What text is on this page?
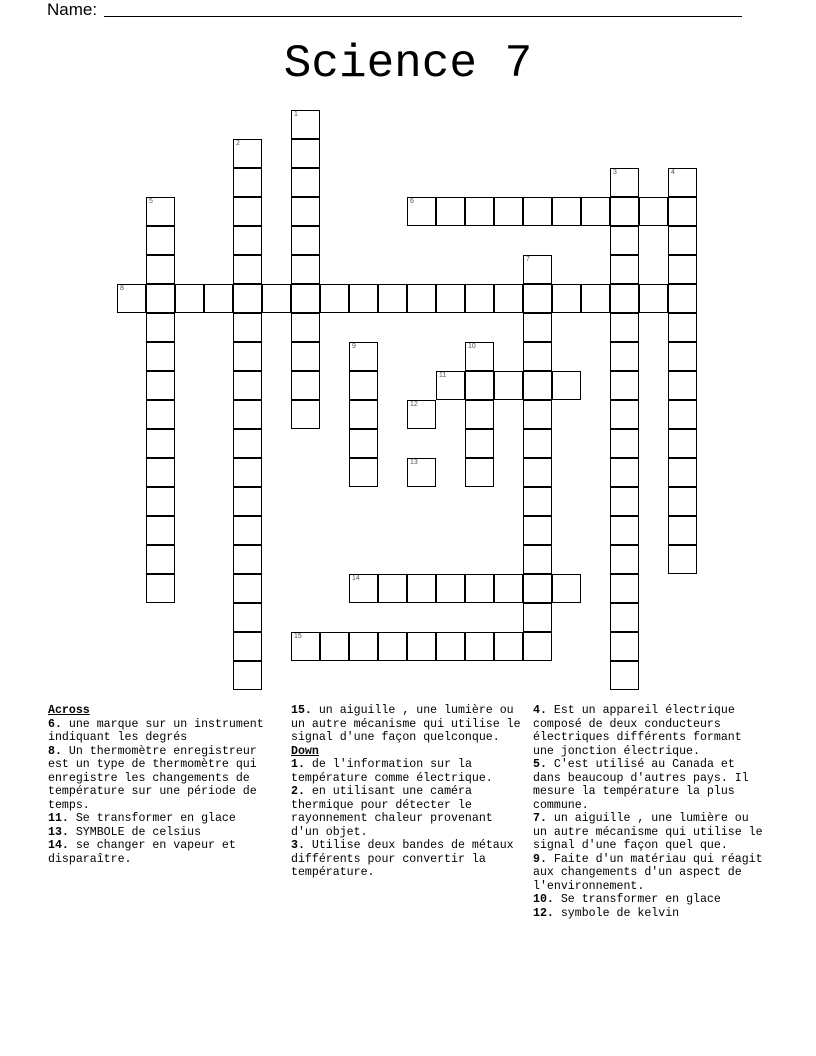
Name:
Science 7
1
2
3	4
5	6
7
8
9	10
11
12
13
14
15
Across
6. une marque sur un instrument indiquant les degrés
8. Un thermomètre enregistreur est un type de thermomètre qui enregistre les changements de température sur une période de temps.
11. Se transformer en glace
13. SYMBOLE de celsius
14. se changer en vapeur et disparaître.
15. un aiguille , une lumière ou un autre mécanisme qui utilise le signal d'une façon quelconque.
Down
1. de l'information sur la température comme électrique.
2. en utilisant une caméra thermique pour détecter le rayonnement chaleur provenant d'un objet.
3. Utilise deux bandes de métaux différents pour convertir la température.
4. Est un appareil électrique composé de deux conducteurs électriques différents formant une jonction électrique.
5. C'est utilisé au Canada et dans beaucoup d'autres pays. Il mesure la température la plus commune.
7. un aiguille , une lumière ou un autre mécanisme qui utilise le signal d'une façon quel que.
9. Faite d'un matériau qui réagit aux changements d'un aspect de l'environnement.
10. Se transformer en glace
12. symbole de kelvin
